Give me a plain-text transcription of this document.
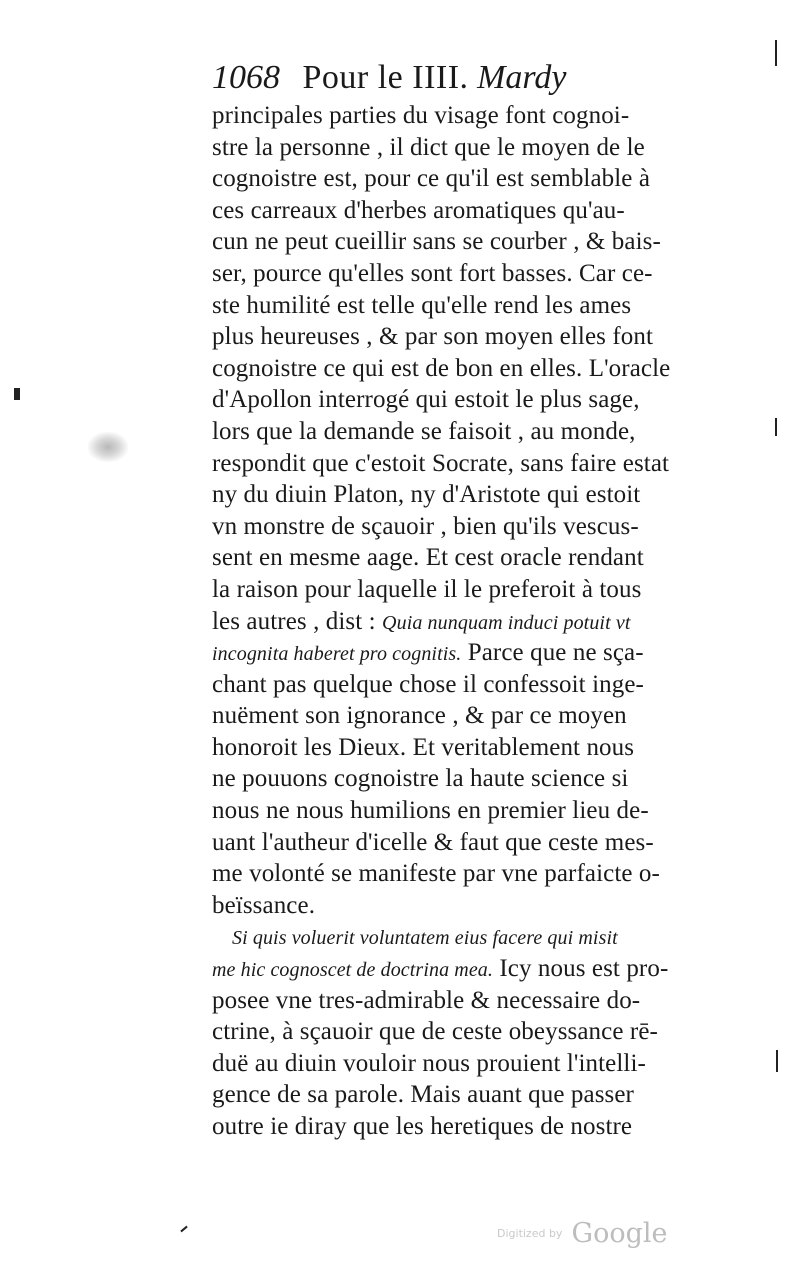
1068 Pour le IIII. Mardy
principales parties du visage font cognoi-
stre la personne , il dict que le moyen de le
cognoistre est, pour ce qu'il est semblable à
ces carreaux d'herbes aromatiques qu'au-
cun ne peut cueillir sans se courber , & bais-
ser, pource qu'elles sont fort basses. Car ce-
ste humilité est telle qu'elle rend les ames
plus heureuses , & par son moyen elles font
cognoistre ce qui est de bon en elles. L'oracle
d'Apollon interrogé qui estoit le plus sage,
lors que la demande se faisoit , au monde,
respondit que c'estoit Socrate, sans faire estat
ny du diuin Platon, ny d'Aristote qui estoit
vn monstre de sçauoir , bien qu'ils vescus-
sent en mesme aage. Et cest oracle rendant
la raison pour laquelle il le preferoit à tous
les autres , dist : Quia nunquam induci potuit vt
incognita haberet pro cognitis. Parce que ne sça-
chant pas quelque chose il confessoit inge-
nuëment son ignorance , & par ce moyen
honoroit les Dieux. Et veritablement nous
ne pouuons cognoistre la haute science si
nous ne nous humilions en premier lieu de-
uant l'autheur d'icelle & faut que ceste mes-
me volonté se manifeste par vne parfaicte o-
beïssance.
Si quis voluerit voluntatem eius facere qui misit
me hic cognoscet de doctrina mea. Icy nous est pro-
posee vne tres-admirable & necessaire do-
ctrine, à sçauoir que de ceste obeyssance rē-
duë au diuin vouloir nous prouient l'intelli-
gence de sa parole. Mais auant que passer
outre ie diray que les heretiques de nostre
$^{Digitized by}$ Google
